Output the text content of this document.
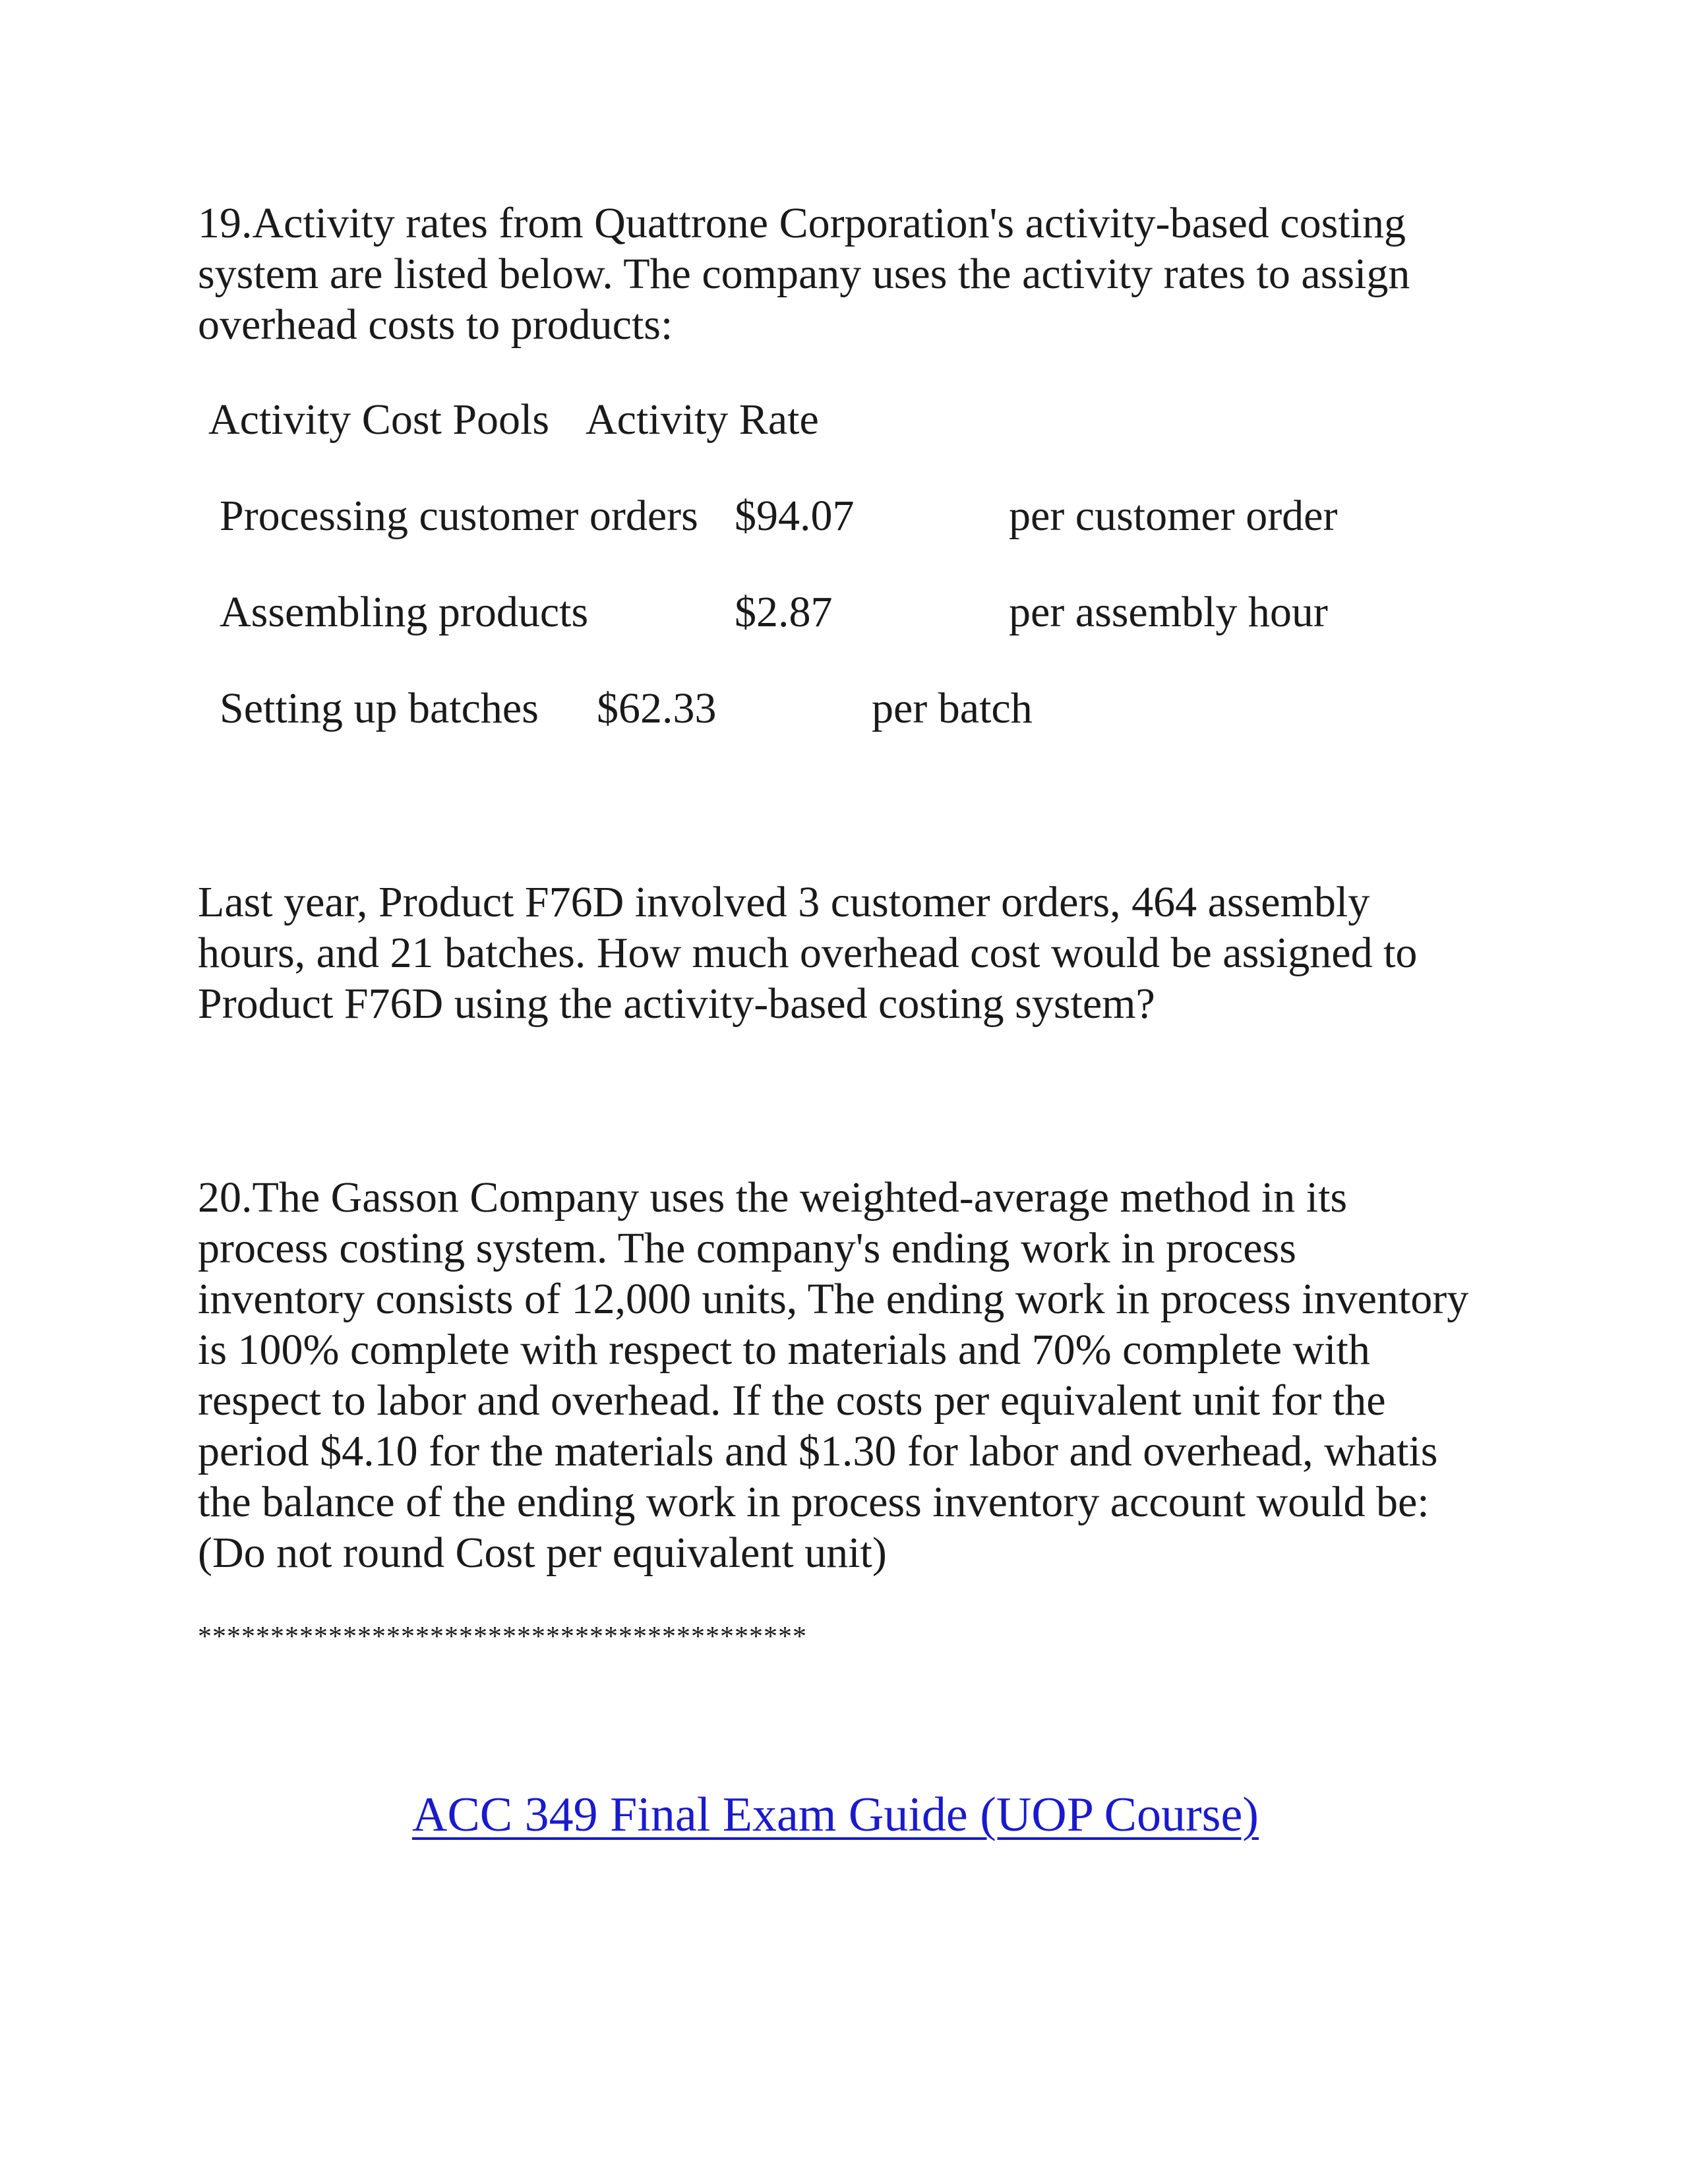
19.Activity rates from Quattrone Corporation's activity-based costing
system are listed below. The company uses the activity rates to assign
overhead costs to products:
Activity Cost Pools Activity Rate
Processing customer orders $94.07	per customer order
Assembling products	$2.87	per assembly hour
Setting up batches $62.33	per batch
Last year, Product F76D involved 3 customer orders, 464 assembly
hours, and 21 batches. How much overhead cost would be assigned to
Product F76D using the activity-based costing system?
20.The Gasson Company uses the weighted-average method in its
process costing system. The company's ending work in process
inventory consists of 12,000 units, The ending work in process inventory
is 100% complete with respect to materials and 70% complete with
respect to labor and overhead. If the costs per equivalent unit for the
period $4.10 for the materials and $1.30 for labor and overhead, whatis
the balance of the ending work in process inventory account would be:
(Do not round Cost per equivalent unit)
******************************************
ACC 349 Final Exam Guide (UOP Course)
